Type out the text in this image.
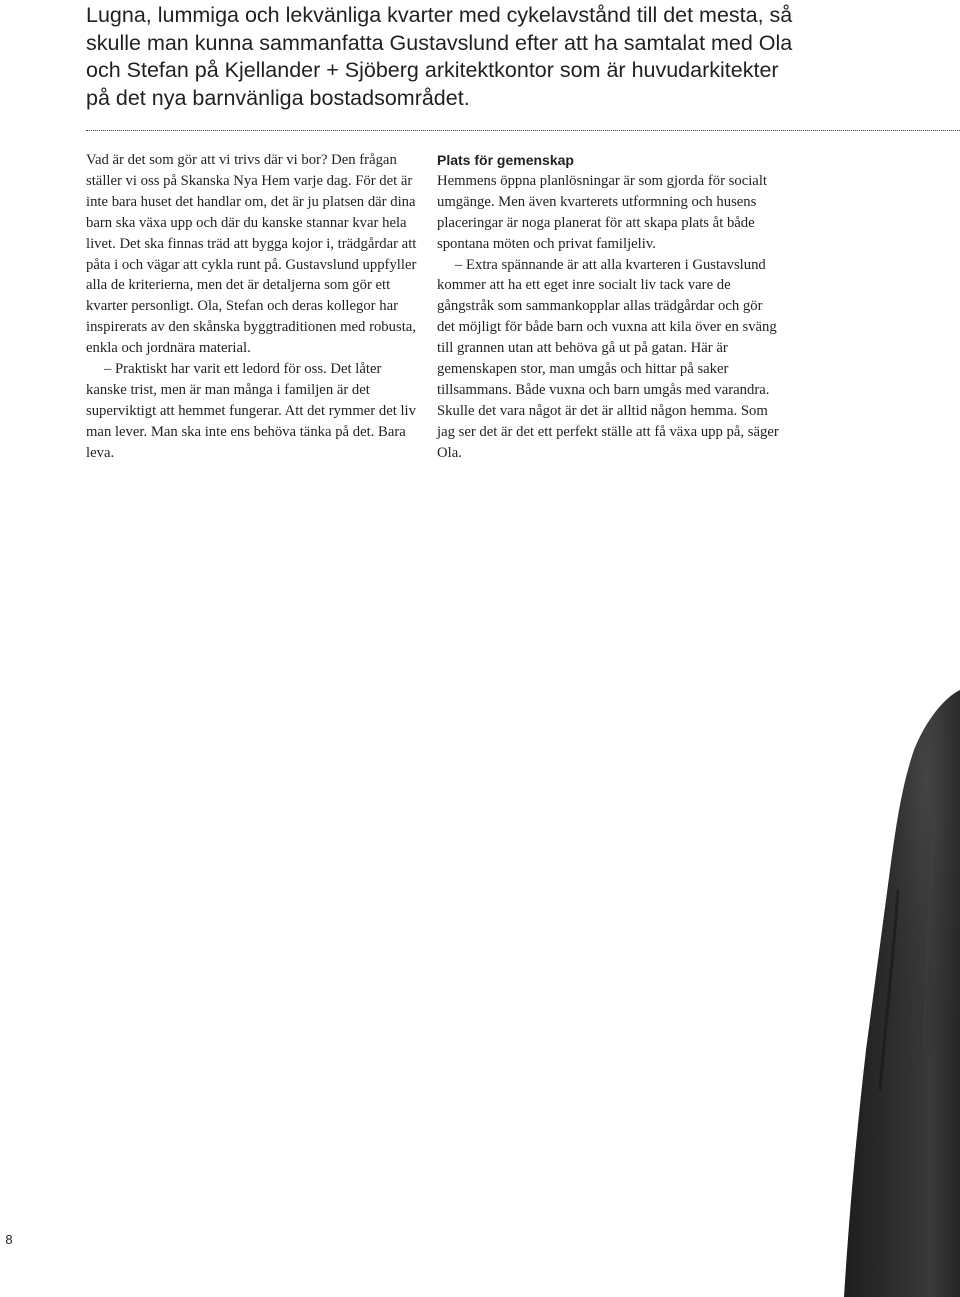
Lugna, lummiga och lekvänliga kvarter med cykelavstånd till det mesta, så skulle man kunna sammanfatta Gustavslund efter att ha samtalat med Ola och Stefan på Kjellander + Sjöberg arkitektkontor som är huvudarkitekter på det nya barnvänliga bostadsområdet.

Vad är det som gör att vi trivs där vi bor? Den frågan ställer vi oss på Skanska Nya Hem varje dag. För det är inte bara huset det handlar om, det är ju platsen där dina barn ska växa upp och där du kanske stannar kvar hela livet. Det ska finnas träd att bygga kojor i, trädgårdar att påta i och vägar att cykla runt på. Gustavslund uppfyller alla de kriterierna, men det är detaljerna som gör ett kvarter personligt. Ola, Stefan och deras kollegor har inspirerats av den skånska byggtraditionen med robusta, enkla och jordnära material.

– Praktiskt har varit ett ledord för oss. Det låter kanske trist, men är man många i familjen är det superviktigt att hemmet fungerar. Att det rymmer det liv man lever. Man ska inte ens behöva tänka på det. Bara leva.

Plats för gemenskap

Hemmens öppna planlösningar är som gjorda för socialt umgänge. Men även kvarterets utformning och husens placeringar är noga planerat för att skapa plats åt både spontana möten och privat familjeliv.

– Extra spännande är att alla kvarteren i Gustavslund kommer att ha ett eget inre socialt liv tack vare de gångstråk som sammankopplar allas trädgårdar och gör det möjligt för både barn och vuxna att kila över en sväng till grannen utan att behöva gå ut på gatan. Här är gemenskapen stor, man umgås och hittar på saker tillsammans. Både vuxna och barn umgås med varandra. Skulle det vara något är det är alltid någon hemma. Som jag ser det är det ett perfekt ställe att få växa upp på, säger Ola.

8
